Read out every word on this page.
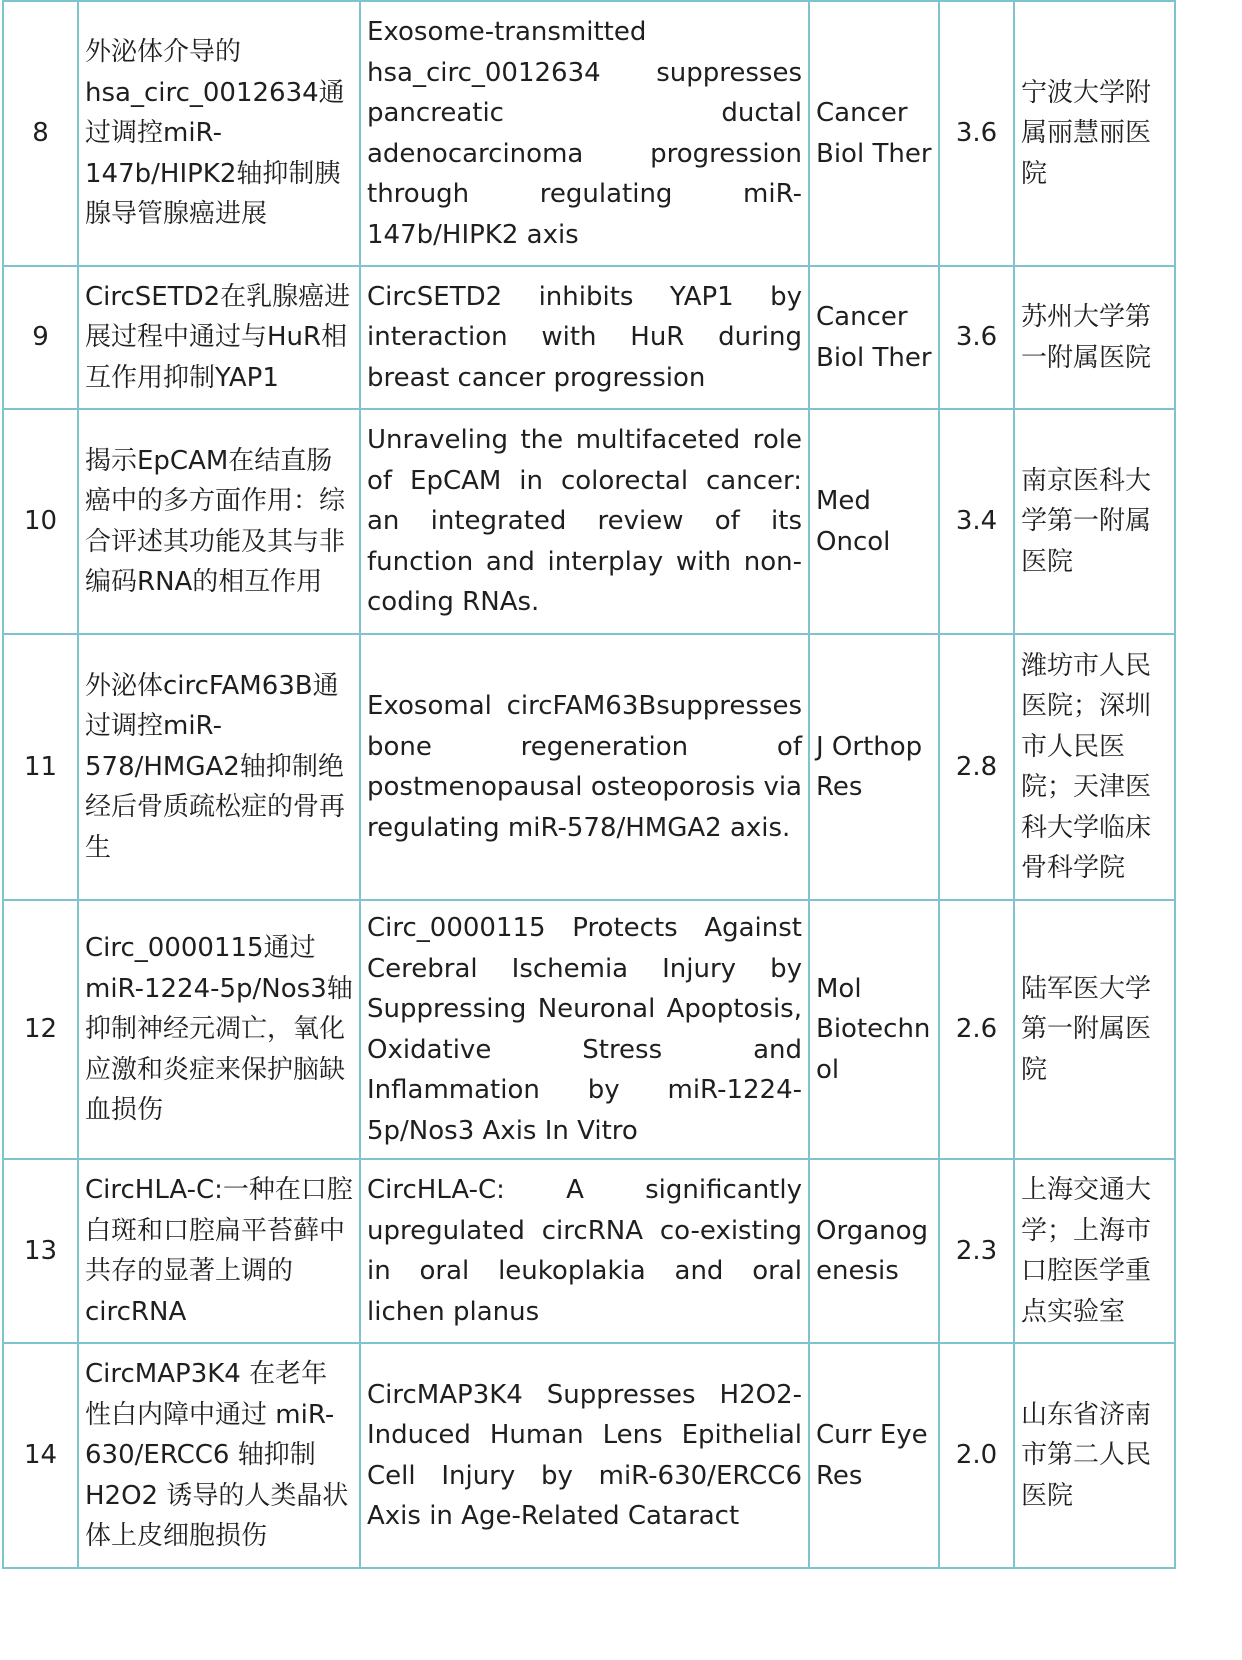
8	外泌体介导的hsa_circ_0012634通过调控miR-147b/HIPK2轴抑制胰腺导管腺癌进展	Exosome-transmitted hsa_circ_0012634 suppresses pancreatic ductal adenocarcinoma progression through regulating miR-147b/HIPK2 axis	Cancer Biol Ther	3.6	宁波大学附属丽慧丽医院
9	CircSETD2在乳腺癌进展过程中通过与HuR相互作用抑制YAP1	CircSETD2 inhibits YAP1 by interaction with HuR during breast cancer progression	Cancer Biol Ther	3.6	苏州大学第一附属医院
10	揭示EpCAM在结直肠癌中的多方面作用：综合评述其功能及其与非编码RNA的相互作用	Unraveling the multifaceted role of EpCAM in colorectal cancer: an integrated review of its function and interplay with non-coding RNAs.	Med Oncol	3.4	南京医科大学第一附属医院
11	外泌体circFAM63B通过调控miR-578/HMGA2轴抑制绝经后骨质疏松症的骨再生	Exosomal circFAM63Bsuppresses bone regeneration of postmenopausal osteoporosis via regulating miR-578/HMGA2 axis.	J Orthop Res	2.8	潍坊市人民医院；深圳市人民医院；天津医科大学临床骨科学院
12	Circ_0000115通过miR-1224-5p/Nos3轴抑制神经元凋亡，氧化应激和炎症来保护脑缺血损伤	Circ_0000115 Protects Against Cerebral Ischemia Injury by Suppressing Neuronal Apoptosis, Oxidative Stress and Inflammation by miR-1224-5p/Nos3 Axis In Vitro	Mol Biotechnol	2.6	陆军医大学第一附属医院
13	CircHLA-C:一种在口腔白斑和口腔扁平苔藓中共存的显著上调的circRNA	CircHLA-C: A significantly upregulated circRNA co-existing in oral leukoplakia and oral lichen planus	Organogenesis	2.3	上海交通大学；上海市口腔医学重点实验室
14	CircMAP3K4 在老年性白内障中通过 miR-630/ERCC6 轴抑制 H2O2 诱导的人类晶状体上皮细胞损伤	CircMAP3K4 Suppresses H2O2-Induced Human Lens Epithelial Cell Injury by miR-630/ERCC6 Axis in Age-Related Cataract	Curr Eye Res	2.0	山东省济南市第二人民医院
